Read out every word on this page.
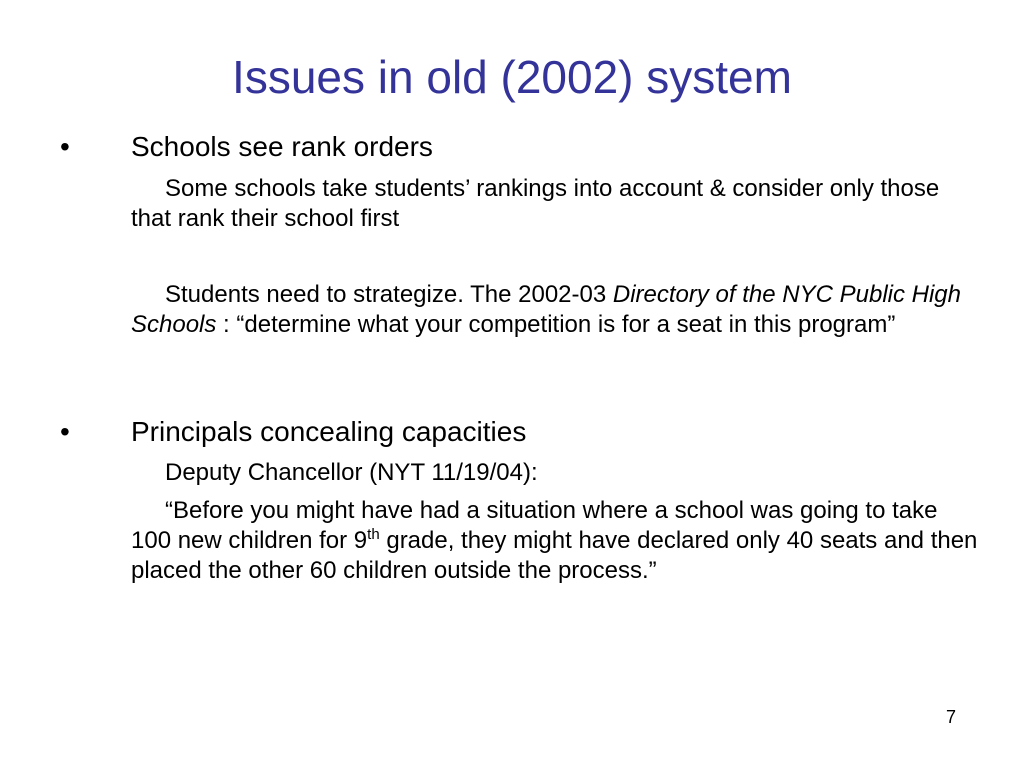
Issues in old (2002) system
•	Schools see rank orders

Some schools take students’ rankings into account & consider only those that rank their school first

Students need to strategize. The 2002-03 Directory of the NYC Public High Schools : “determine what your competition is for a seat in this program”

•	Principals concealing capacities

Deputy Chancellor (NYT 11/19/04):

“Before you might have had a situation where a school was going to take 100 new children for 9th grade, they might have declared only 40 seats and then placed the other 60 children outside the process.”

7
